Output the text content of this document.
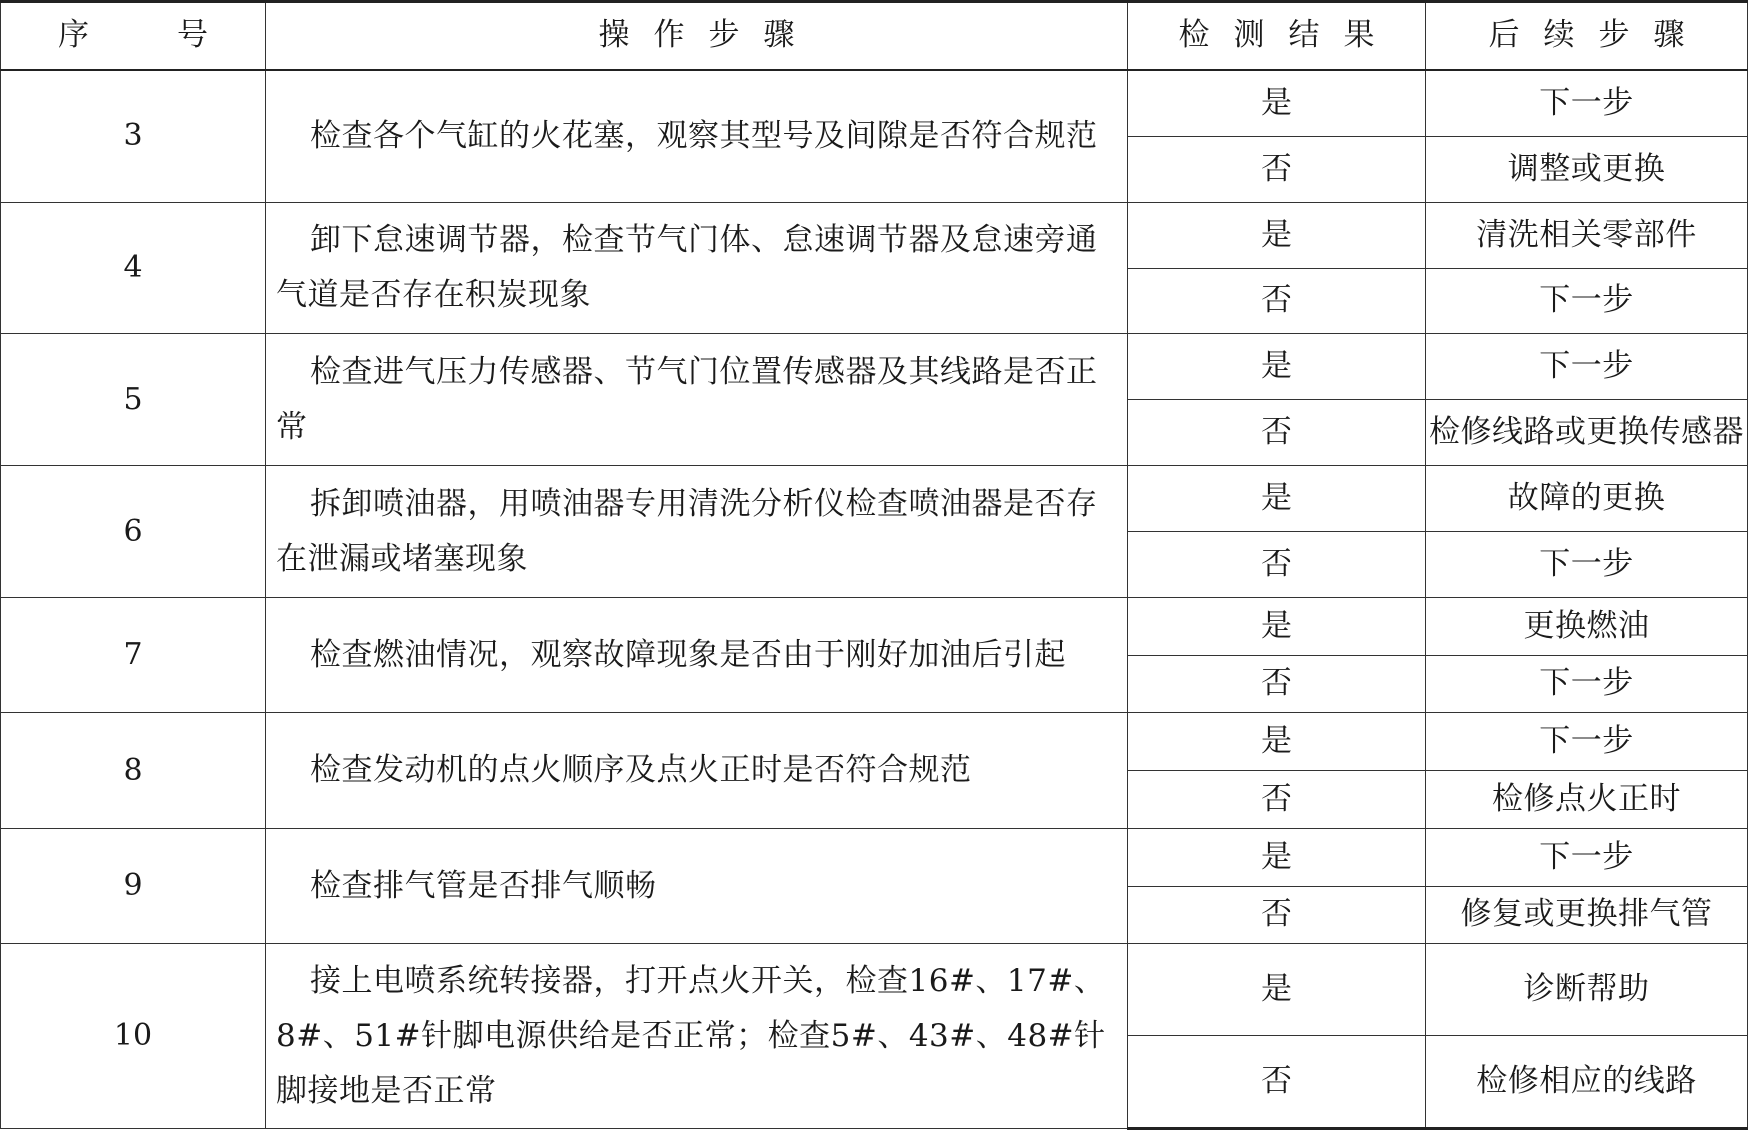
序号	操作步骤	检测结果	后续步骤
3	检查各个气缸的火花塞，观察其型号及间隙是否符合规范	是	下一步
		否	调整或更换
4	卸下怠速调节器，检查节气门体、怠速调节器及怠速旁通气道是否存在积炭现象	是	清洗相关零部件
		否	下一步
5	检查进气压力传感器、节气门位置传感器及其线路是否正常	是	下一步
		否	检修线路或更换传感器
6	拆卸喷油器，用喷油器专用清洗分析仪检查喷油器是否存在泄漏或堵塞现象	是	故障的更换
		否	下一步
7	检查燃油情况，观察故障现象是否由于刚好加油后引起	是	更换燃油
		否	下一步
8	检查发动机的点火顺序及点火正时是否符合规范	是	下一步
		否	检修点火正时
9	检查排气管是否排气顺畅	是	下一步
		否	修复或更换排气管
10	接上电喷系统转接器，打开点火开关，检查16#、17#、8#、51#针脚电源供给是否正常；检查5#、43#、48#针脚接地是否正常	是	诊断帮助
		否	检修相应的线路
